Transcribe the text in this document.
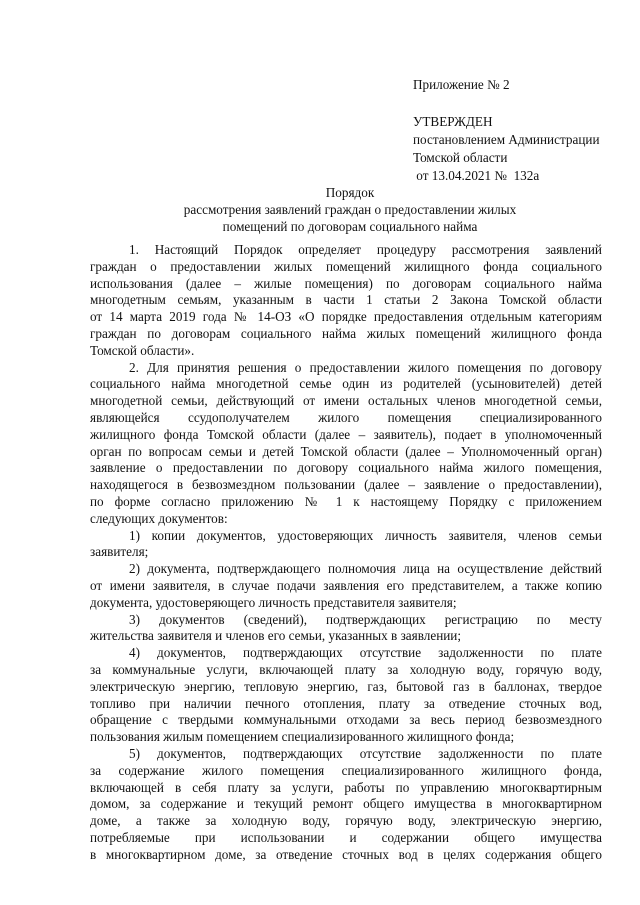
Приложение № 2
УТВЕРЖДЕН
постановлением Администрации
Томской области
от 13.04.2021 №  132а
Порядок
рассмотрения заявлений граждан о предоставлении жилых
помещений по договорам социального найма
1. Настоящий Порядок определяет процедуру рассмотрения заявлений
граждан о предоставлении жилых помещений жилищного фонда социального
использования (далее – жилые помещения) по договорам социального найма
многодетным семьям, указанным в части 1 статьи 2 Закона Томской области
от 14 марта 2019 года № 14-ОЗ «О порядке предоставления отдельным категориям
граждан по договорам социального найма жилых помещений жилищного фонда
Томской области».
2. Для принятия решения о предоставлении жилого помещения по договору
социального найма многодетной семье один из родителей (усыновителей) детей
многодетной семьи, действующий от имени остальных членов многодетной семьи,
являющейся ссудополучателем жилого помещения специализированного
жилищного фонда Томской области (далее – заявитель), подает в уполномоченный
орган по вопросам семьи и детей Томской области (далее – Уполномоченный орган)
заявление о предоставлении по договору социального найма жилого помещения,
находящегося в безвозмездном пользовании (далее – заявление о предоставлении),
по форме согласно приложению № 1 к настоящему Порядку с приложением
следующих документов:
1) копии документов, удостоверяющих личность заявителя, членов семьи
заявителя;
2) документа, подтверждающего полномочия лица на осуществление действий
от имени заявителя, в случае подачи заявления его представителем, а также копию
документа, удостоверяющего личность представителя заявителя;
3) документов (сведений), подтверждающих регистрацию по месту
жительства заявителя и членов его семьи, указанных в заявлении;
4) документов, подтверждающих отсутствие задолженности по плате
за коммунальные услуги, включающей плату за холодную воду, горячую воду,
электрическую энергию, тепловую энергию, газ, бытовой газ в баллонах, твердое
топливо при наличии печного отопления, плату за отведение сточных вод,
обращение с твердыми коммунальными отходами за весь период безвозмездного
пользования жилым помещением специализированного жилищного фонда;
5) документов, подтверждающих отсутствие задолженности по плате
за содержание жилого помещения специализированного жилищного фонда,
включающей в себя плату за услуги, работы по управлению многоквартирным
домом, за содержание и текущий ремонт общего имущества в многоквартирном
доме, а также за холодную воду, горячую воду, электрическую энергию,
потребляемые при использовании и содержании общего имущества
в многоквартирном доме, за отведение сточных вод в целях содержания общего
